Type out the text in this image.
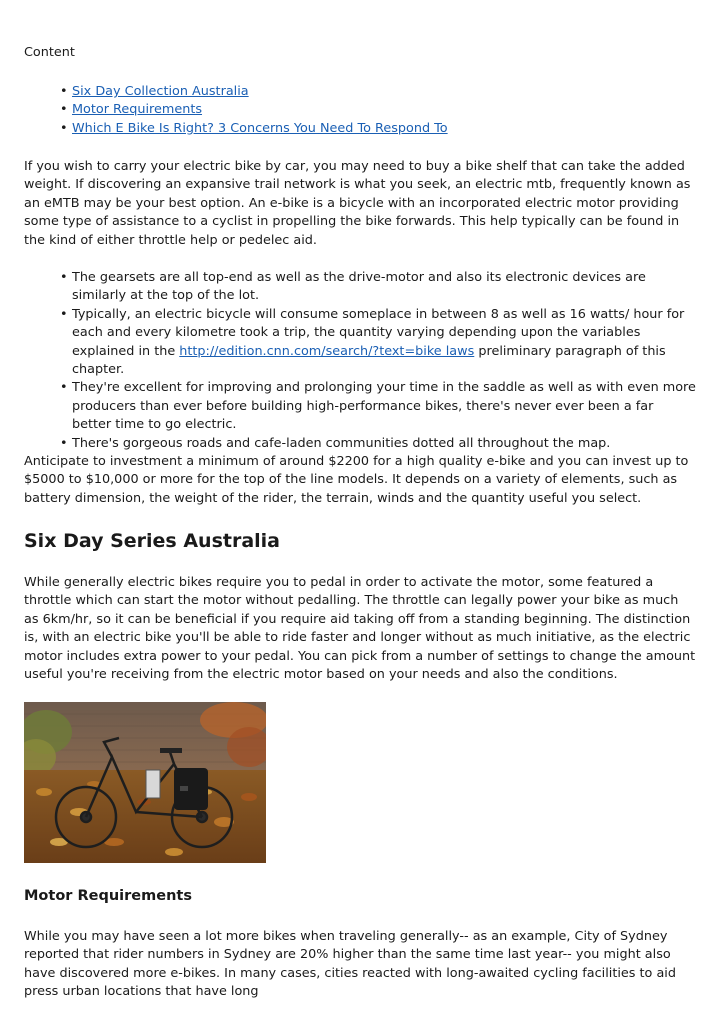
Content

• Six Day Collection Australia
• Motor Requirements
• Which E Bike Is Right? 3 Concerns You Need To Respond To

If you wish to carry your electric bike by car, you may need to buy a bike shelf that can take the added weight. If discovering an expansive trail network is what you seek, an electric mtb, frequently known as an eMTB may be your best option. An e-bike is a bicycle with an incorporated electric motor providing some type of assistance to a cyclist in propelling the bike forwards. This help typically can be found in the kind of either throttle help or pedelec aid.

• The gearsets are all top-end as well as the drive-motor and also its electronic devices are similarly at the top of the lot.
• Typically, an electric bicycle will consume someplace in between 8 as well as 16 watts/ hour for each and every kilometre took a trip, the quantity varying depending upon the variables explained in the http://edition.cnn.com/search/?text=bike laws preliminary paragraph of this chapter.
• They're excellent for improving and prolonging your time in the saddle as well as with even more producers than ever before building high-performance bikes, there's never ever been a far better time to go electric.
• There's gorgeous roads and cafe-laden communities dotted all throughout the map.

Anticipate to investment a minimum of around $2200 for a high quality e-bike and you can invest up to $5000 to $10,000 or more for the top of the line models. It depends on a variety of elements, such as battery dimension, the weight of the rider, the terrain, winds and the quantity useful you select.

Six Day Series Australia

While generally electric bikes require you to pedal in order to activate the motor, some featured a throttle which can start the motor without pedalling. The throttle can legally power your bike as much as 6km/hr, so it can be beneficial if you require aid taking off from a standing beginning. The distinction is, with an electric bike you'll be able to ride faster and longer without as much initiative, as the electric motor includes extra power to your pedal. You can pick from a number of settings to change the amount useful you're receiving from the electric motor based on your needs and also the conditions.

Motor Requirements

While you may have seen a lot more bikes when traveling generally-- as an example, City of Sydney reported that rider numbers in Sydney are 20% higher than the same time last year-- you might also have discovered more e-bikes. In many cases, cities reacted with long-awaited cycling facilities to aid press urban locations that have long
